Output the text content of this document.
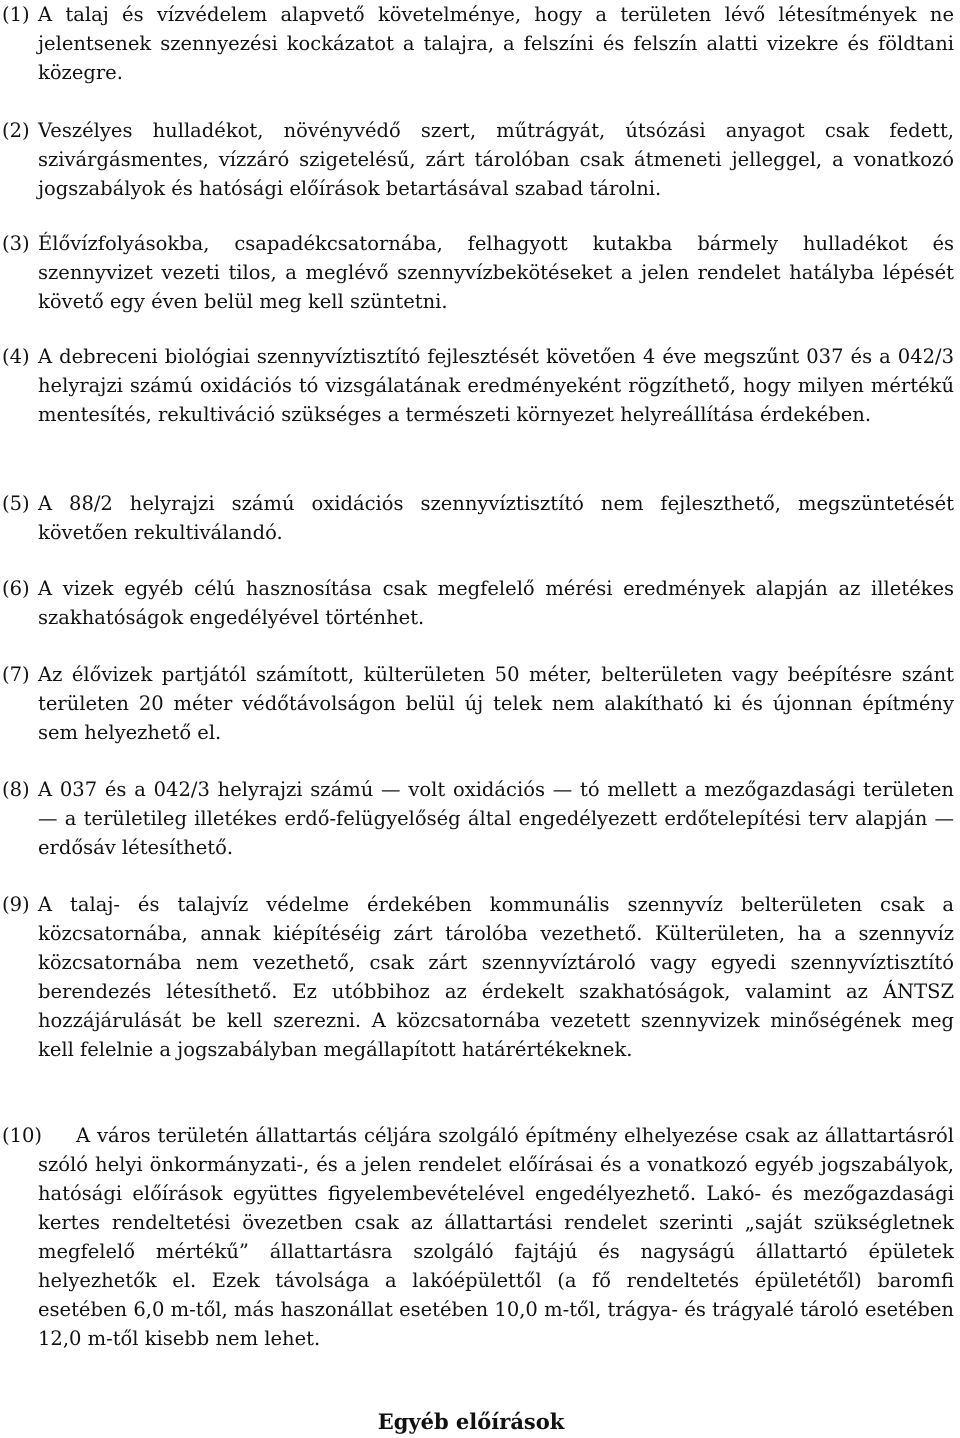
(1) A talaj és vízvédelem alapvető követelménye, hogy a területen lévő létesítmények ne jelentsenek szennyezési kockázatot a talajra, a felszíni és felszín alatti vizekre és földtani közegre.
(2) Veszélyes hulladékot, növényvédő szert, műtrágyát, útsózási anyagot csak fedett, szivárgásmentes, vízzáró szigetelésű, zárt tárolóban csak átmeneti jelleggel, a vonatkozó jogszabályok és hatósági előírások betartásával szabad tárolni.
(3) Élővízfolyásokba, csapadékcsatornába, felhagyott kutakba bármely hulladékot és szennyvizet vezeti tilos, a meglévő szennyvízbekötéseket a jelen rendelet hatályba lépését követő egy éven belül meg kell szüntetni.
(4) A debreceni biológiai szennyvíztisztító fejlesztését követően 4 éve megszűnt 037 és a 042/3 helyrajzi számú oxidációs tó vizsgálatának eredményeként rögzíthető, hogy milyen mértékű mentesítés, rekultiváció szükséges a természeti környezet helyreállítása érdekében.
(5) A 88/2 helyrajzi számú oxidációs szennyvíztisztító nem fejleszthető, megszüntetését követően rekultiválandó.
(6) A vizek egyéb célú hasznosítása csak megfelelő mérési eredmények alapján az illetékes szakhatóságok engedélyével történhet.
(7) Az élővizek partjától számított, külterületen 50 méter, belterületen vagy beépítésre szánt területen 20 méter védőtávolságon belül új telek nem alakítható ki és újonnan építmény sem helyezhető el.
(8) A 037 és a 042/3 helyrajzi számú — volt oxidációs — tó mellett a mezőgazdasági területen — a területileg illetékes erdő-felügyelőség által engedélyezett erdőtelepítési terv alapján — erdősáv létesíthető.
(9) A talaj- és talajvíz védelme érdekében kommunális szennyvíz belterületen csak a közcsatornába, annak kiépítéséig zárt tárolóba vezethető. Külterületen, ha a szennyvíz közcsatornába nem vezethető, csak zárt szennyvíztároló vagy egyedi szennyvíztisztító berendezés létesíthető. Ez utóbbihoz az érdekelt szakhatóságok, valamint az ÁNTSZ hozzájárulását be kell szerezni. A közcsatornába vezetett szennyvizek minőségének meg kell felelnie a jogszabályban megállapított határértékeknek.
(10)	A város területén állattartás céljára szolgáló építmény elhelyezése csak az állattartásról szóló helyi önkormányzati-, és a jelen rendelet előírásai és a vonatkozó egyéb jogszabályok, hatósági előírások együttes figyelembevételével engedélyezhető. Lakó- és mezőgazdasági kertes rendeltetési övezetben csak az állattartási rendelet szerinti „saját szükségletnek megfelelő mértékű” állattartásra szolgáló fajtájú és nagyságú állattartó épületek helyezhetők el. Ezek távolsága a lakóépülettől (a fő rendeltetés épületétől) baromfi esetében 6,0 m-től, más haszonállat esetében 10,0 m-től, trágya- és trágyalé tároló esetében 12,0 m-től kisebb nem lehet.
Egyéb előírások
